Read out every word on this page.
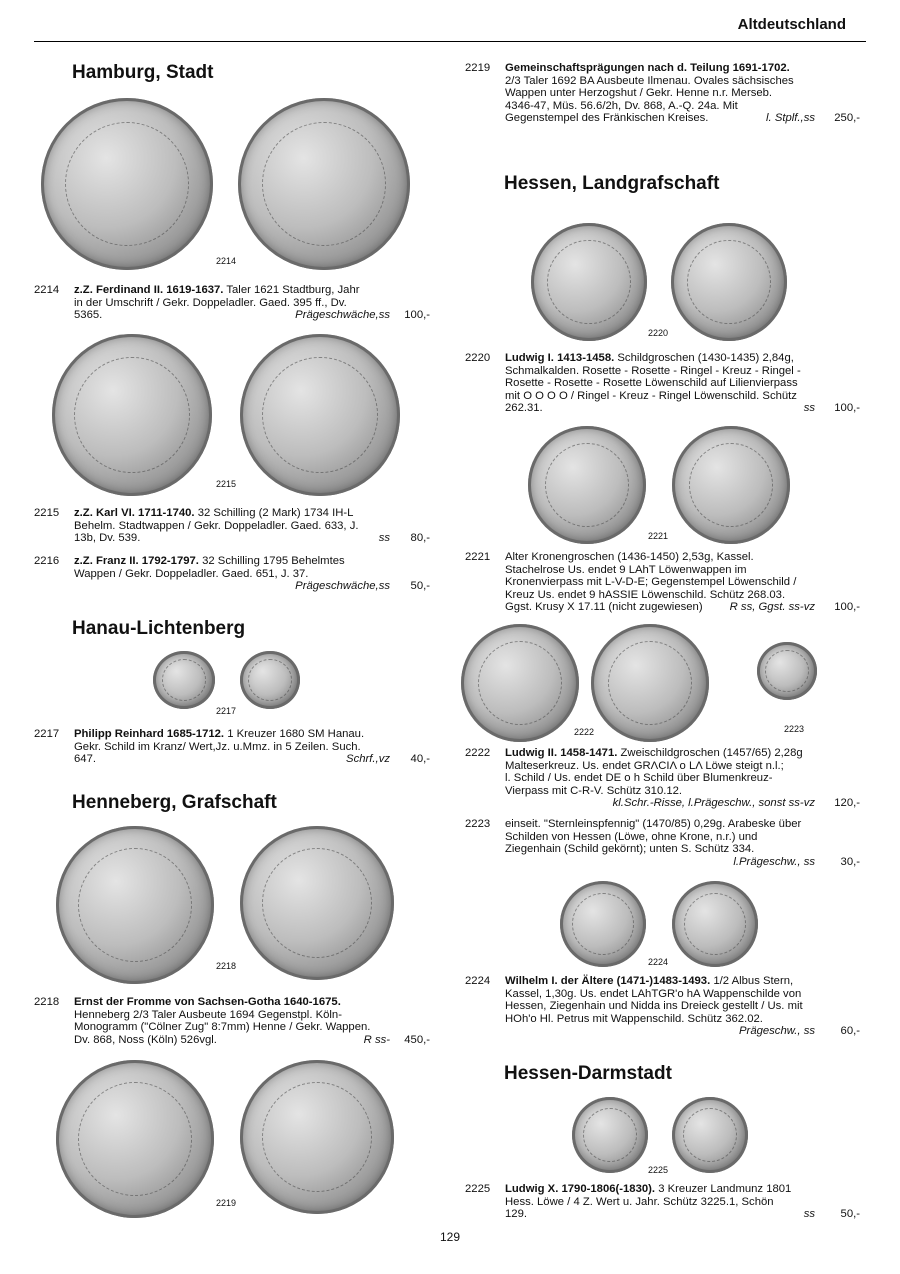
Altdeutschland
Hamburg, Stadt
2214
2214 z.Z. Ferdinand II. 1619-1637. Taler 1621 Stadtburg, Jahr
in der Umschrift / Gekr. Doppeladler. Gaed. 395 ff., Dv.
5365.	Prägeschwäche,ss 100,-
2215
2215 z.Z. Karl VI. 1711-1740. 32 Schilling (2 Mark) 1734 IH-L
Behelm. Stadtwappen / Gekr. Doppeladler. Gaed. 633, J.
13b, Dv. 539.	ss 80,-
2216 z.Z. Franz II. 1792-1797. 32 Schilling 1795 Behelmtes
Wappen / Gekr. Doppeladler. Gaed. 651, J. 37.
Prägeschwäche,ss 50,-
Hanau-Lichtenberg
2217
2217 Philipp Reinhard 1685-1712. 1 Kreuzer 1680 SM Hanau.
Gekr. Schild im Kranz/ Wert,Jz. u.Mmz. in 5 Zeilen. Such.
647.	Schrf.,vz 40,-
Henneberg, Grafschaft
2218
2218 Ernst der Fromme von Sachsen-Gotha 1640-1675.
Henneberg 2/3 Taler Ausbeute 1694 Gegenstpl. Köln-
Monogramm ("Cölner Zug" 8:7mm) Henne / Gekr. Wappen.
Dv. 868, Noss (Köln) 526vgl.	R ss- 450,-
2219
2219 Gemeinschaftsprägungen nach d. Teilung 1691-1702.
2/3 Taler 1692 BA Ausbeute Ilmenau. Ovales sächsisches
Wappen unter Herzogshut / Gekr. Henne n.r. Merseb.
4346-47, Müs. 56.6/2h, Dv. 868, A.-Q. 24a. Mit
Gegenstempel des Fränkischen Kreises.	l. Stplf.,ss 250,-
Hessen, Landgrafschaft
2220
2220 Ludwig I. 1413-1458. Schildgroschen (1430-1435) 2,84g,
Schmalkalden. Rosette - Rosette - Ringel - Kreuz - Ringel -
Rosette - Rosette - Rosette Löwenschild auf Lilienvierpass
mit O O O O / Ringel - Kreuz - Ringel Löwenschild. Schütz
262.31.	ss 100,-
2221
2221 Alter Kronengroschen (1436-1450) 2,53g, Kassel.
Stachelrose Us. endet 9 LAhT Löwenwappen im
Kronenvierpass mit L-V-D-E; Gegenstempel Löwenschild /
Kreuz Us. endet 9 hASSIE Löwenschild. Schütz 268.03.
Ggst. Krusy X 17.11 (nicht zugewiesen) R ss, Ggst. ss-vz 100,-
2222	2223
2222 Ludwig II. 1458-1471. Zweischildgroschen (1457/65) 2,28g
Malteserkreuz. Us. endet GRΛCIΛ o LΛ Löwe steigt n.l.;
l. Schild / Us. endet DE o h Schild über Blumenkreuz-
Vierpass mit C-R-V. Schütz 310.12.
kl.Schr.-Risse, l.Prägeschw., sonst ss-vz 120,-
2223 einseit. "Sternleinspfennig" (1470/85) 0,29g. Arabeske über
Schilden von Hessen (Löwe, ohne Krone, n.r.) und
Ziegenhain (Schild gekörnt); unten S. Schütz 334.
l.Prägeschw., ss 30,-
2224
2224 Wilhelm I. der Ältere (1471-)1483-1493. 1/2 Albus Stern,
Kassel, 1,30g. Us. endet LAhTGR'o hA Wappenschilde von
Hessen, Ziegenhain und Nidda ins Dreieck gestellt / Us. mit
HOh'o Hl. Petrus mit Wappenschild. Schütz 362.02.
Prägeschw., ss 60,-
Hessen-Darmstadt
2225
2225 Ludwig X. 1790-1806(-1830). 3 Kreuzer Landmunz 1801
Hess. Löwe / 4 Z. Wert u. Jahr. Schütz 3225.1, Schön
129.	ss 50,-
129
